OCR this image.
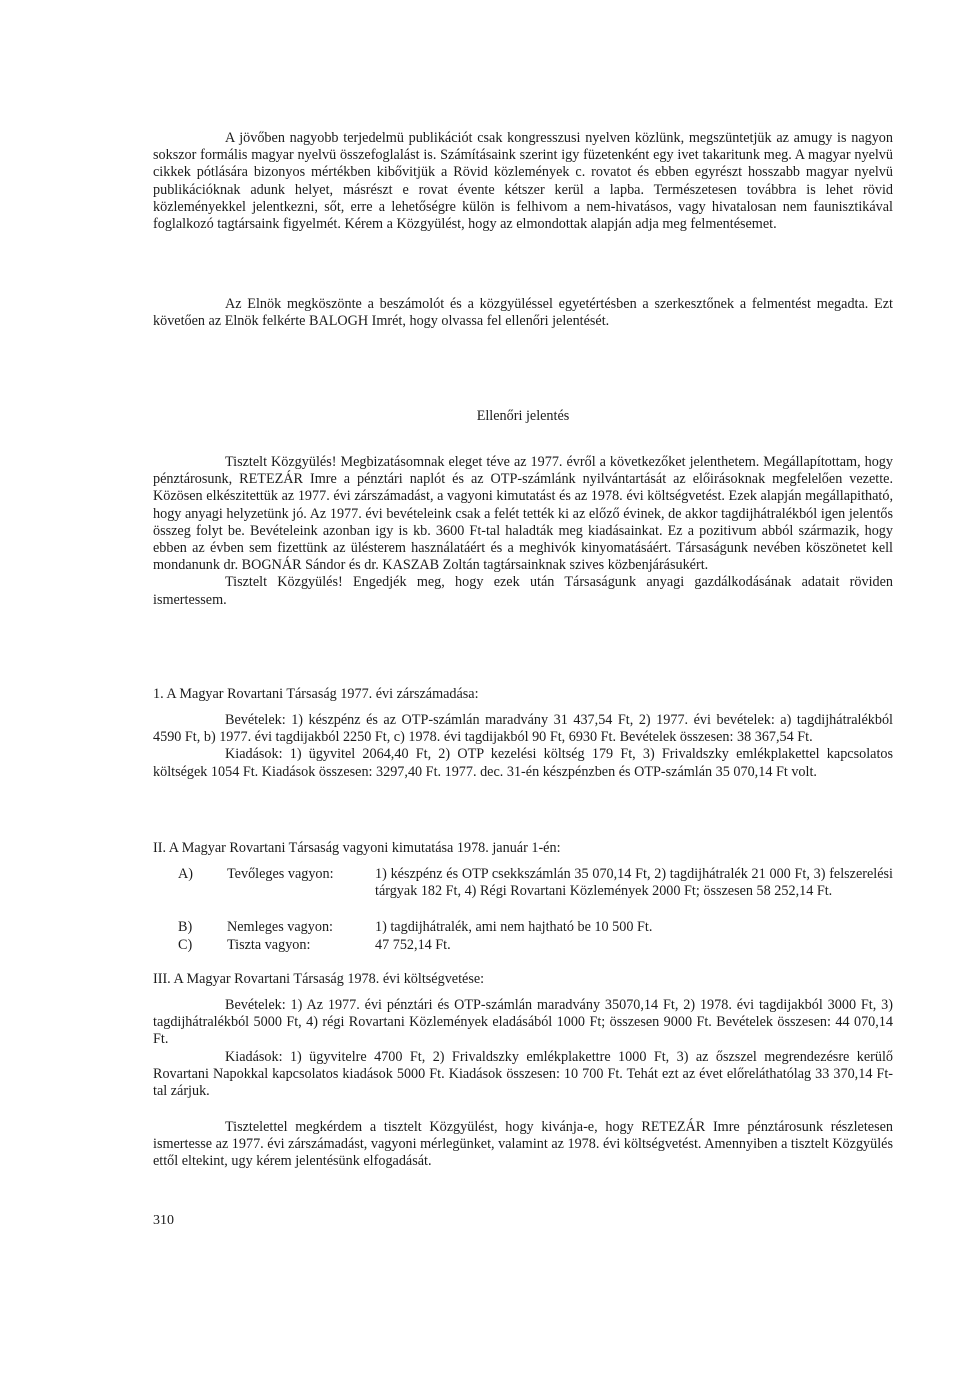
A jövőben nagyobb terjedelmü publikációt csak kongresszusi nyelven közlünk, megszüntetjük az amugy is nagyon sokszor formális magyar nyelvü összefoglalást is. Számításaink szerint igy füzetenként egy ivet takaritunk meg. A magyar nyelvü cikkek pótlására bizonyos mértékben kibővitjük a Rövid közlemények c. rovatot és ebben egyrészt hosszabb magyar nyelvü publikációknak adunk helyet, másrészt e rovat évente kétszer kerül a lapba. Természetesen továbbra is lehet rövid közleményekkel jelentkezni, sőt, erre a lehetőségre külön is felhivom a nem-hivatásos, vagy hivatalosan nem faunisztikával foglalkozó tagtársaink figyelmét. Kérem a Közgyülést, hogy az elmondottak alapján adja meg felmentésemet.

Az Elnök megköszönte a beszámolót és a közgyüléssel egyetértésben a szerkesztőnek a felmentést megadta. Ezt követően az Elnök felkérte BALOGH Imrét, hogy olvassa fel ellenőri jelentését.

Ellenőri jelentés

Tisztelt Közgyülés! Megbizatásomnak eleget téve az 1977. évről a következőket jelenthetem. Megállapítottam, hogy pénztárosunk, RETEZÁR Imre a pénztári naplót és az OTP-számlánk nyilvántartását az előirásoknak megfelelően vezette. Közösen elkészitettük az 1977. évi zárszámadást, a vagyoni kimutatást és az 1978. évi költségvetést. Ezek alapján megállapitható, hogy anyagi helyzetünk jó. Az 1977. évi bevételeink csak a felét tették ki az előző évinek, de akkor tagdijhátralékból igen jelentős összeg folyt be. Bevételeink azonban igy is kb. 3600 Ft-tal haladták meg kiadásainkat. Ez a pozitivum abból származik, hogy ebben az évben sem fizettünk az ülésterem használatáért és a meghivók kinyomatásáért. Társaságunk nevében köszönetet kell mondanunk dr. BOGNÁR Sándor és dr. KASZAB Zoltán tagtársainknak szives közbenjárásukért.

Tisztelt Közgyülés! Engedjék meg, hogy ezek után Társaságunk anyagi gazdálkodásának adatait röviden ismertessem.

1. A Magyar Rovartani Társaság 1977. évi zárszámadása:

Bevételek: 1) készpénz és az OTP-számlán maradvány 31 437,54 Ft, 2) 1977. évi bevételek: a) tagdijhátralékból 4590 Ft, b) 1977. évi tagdijakból 2250 Ft, c) 1978. évi tagdijakból 90 Ft, 6930 Ft. Bevételek összesen: 38 367,54 Ft.

Kiadások: 1) ügyvitel 2064,40 Ft, 2) OTP kezelési költség 179 Ft, 3) Frivaldszky emlékplakettel kapcsolatos költségek 1054 Ft. Kiadások összesen: 3297,40 Ft. 1977. dec. 31-én készpénzben és OTP-számlán 35 070,14 Ft volt.

II. A Magyar Rovartani Társaság vagyoni kimutatása 1978. január 1-én:
A) Tevőleges vagyon:	1) készpénz és OTP csekkszámlán 35 070,14 Ft, 2) tagdijhátralék 21 000 Ft, 3) felszerelési tárgyak 182 Ft, 4) Régi Rovartani Közlemények 2000 Ft; összesen 58 252,14 Ft.
B) Nemleges vagyon:	1) tagdijhátralék, ami nem hajtható be 10 500 Ft.
C) Tiszta vagyon:	47 752,14 Ft.
III. A Magyar Rovartani Társaság 1978. évi költségvetése:

Bevételek: 1) Az 1977. évi pénztári és OTP-számlán maradvány 35070,14 Ft, 2) 1978. évi tagdijakból 3000 Ft, 3) tagdijhátralékból 5000 Ft, 4) régi Rovartani Közlemények eladásából 1000 Ft; összesen 9000 Ft. Bevételek összesen: 44 070,14 Ft.

Kiadások: 1) ügyvitelre 4700 Ft, 2) Frivaldszky emlékplakettre 1000 Ft, 3) az őszszel megrendezésre kerülő Rovartani Napokkal kapcsolatos kiadások 5000 Ft. Kiadások összesen: 10 700 Ft. Tehát ezt az évet előreláthatólag 33 370,14 Ft-tal zárjuk.

Tisztelettel megkérdem a tisztelt Közgyülést, hogy kivánja-e, hogy RETEZÁR Imre pénztárosunk részletesen ismertesse az 1977. évi zárszámadást, vagyoni mérlegünket, valamint az 1978. évi költségvetést. Amennyiben a tisztelt Közgyülés ettől eltekint, ugy kérem jelentésünk elfogadását.

310
